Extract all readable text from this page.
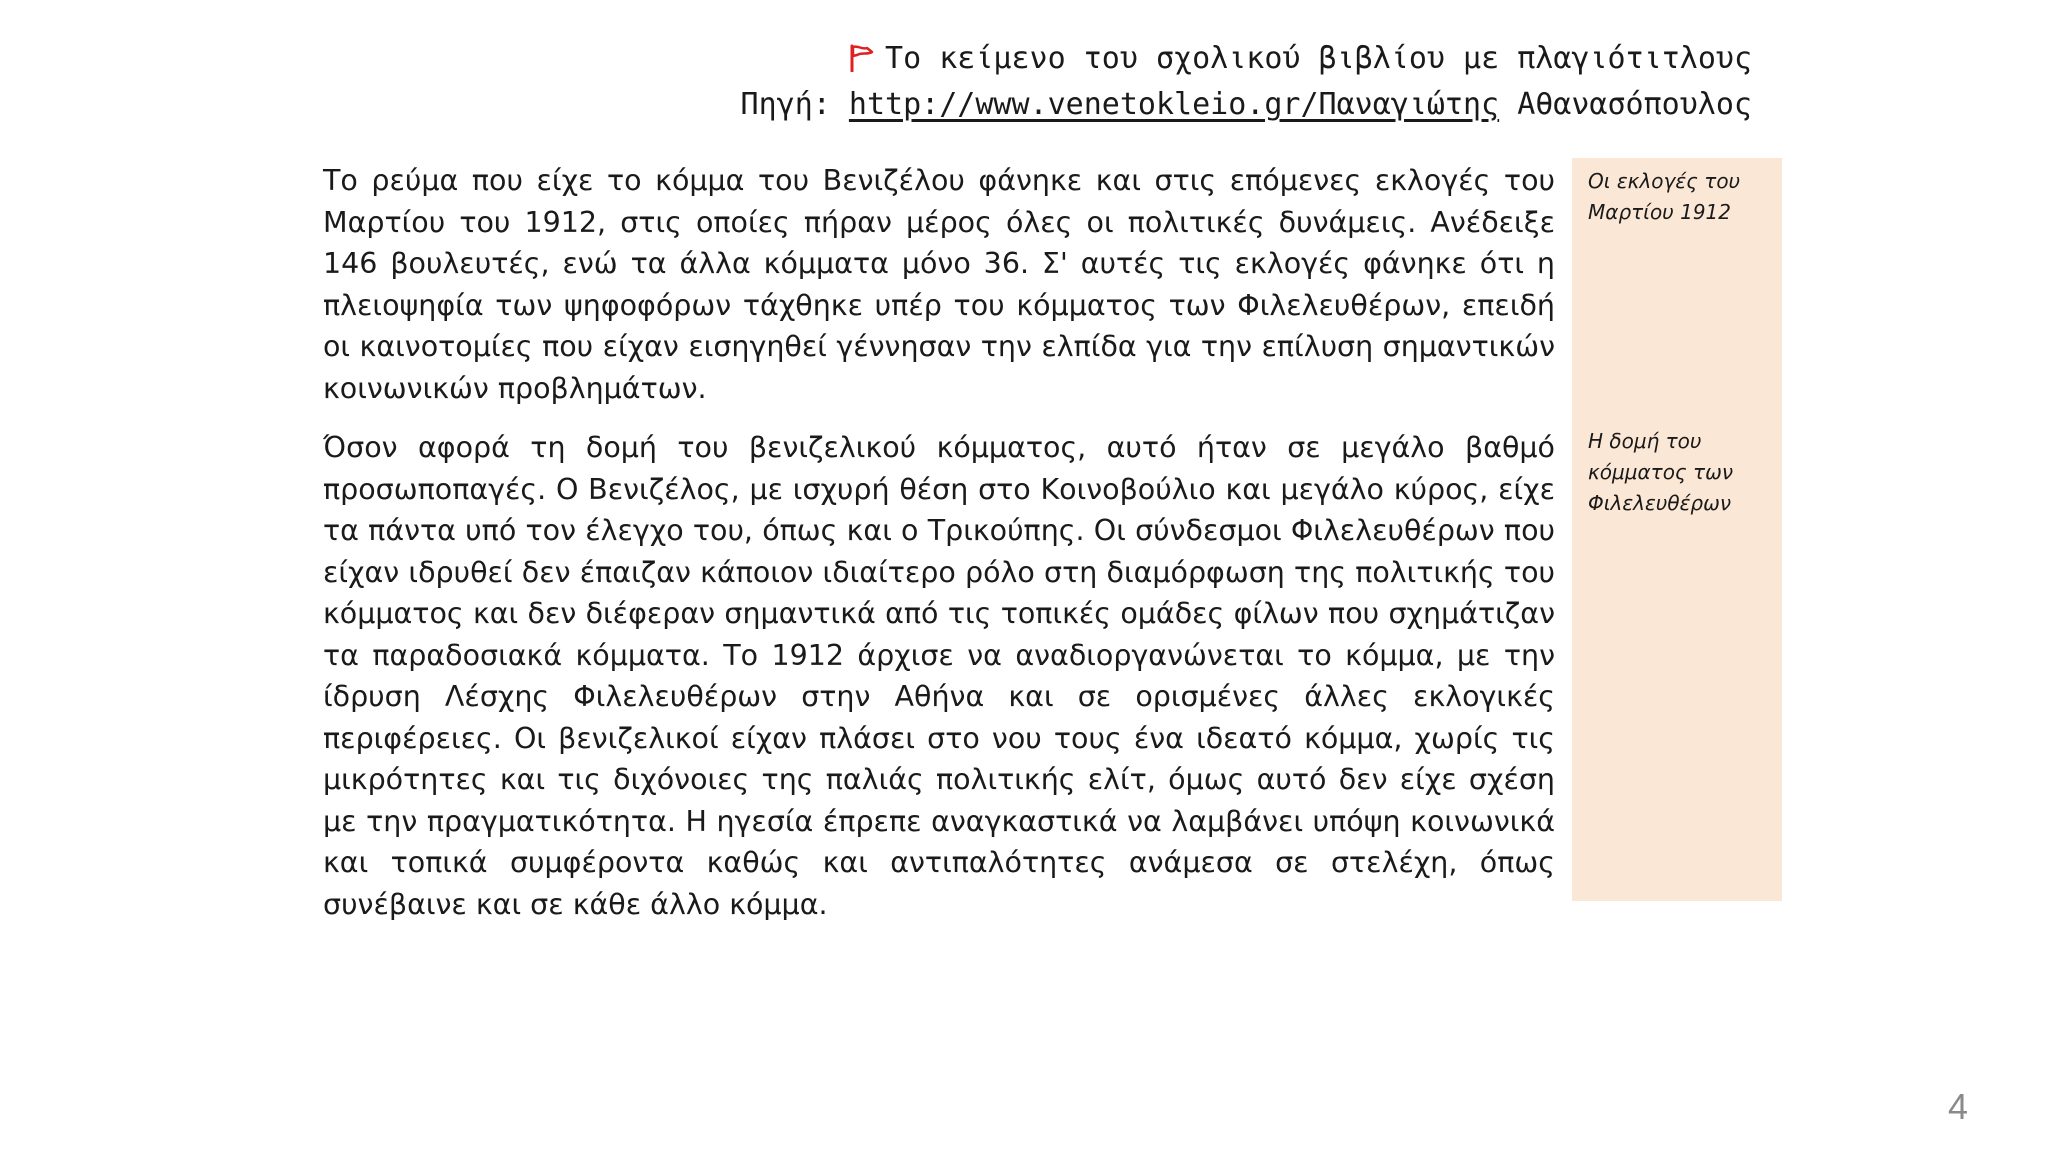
Το κείμενο του σχολικού βιβλίου με πλαγιότιτλους
Πηγή: http://www.venetokleio.gr/Παναγιώτης Αθανασόπουλος
Οι εκλογές του Μαρτίου 1912
Η δομή του κόμματος των Φιλελευθέρων

Το ρεύμα που είχε το κόμμα του Βενιζέλου φάνηκε και στις επόμενες εκλογές του Μαρτίου του 1912, στις οποίες πήραν μέρος όλες οι πολιτικές δυνάμεις. Ανέδειξε 146 βουλευτές, ενώ τα άλλα κόμματα μόνο 36. Σ' αυτές τις εκλογές φάνηκε ότι η πλειοψηφία των ψηφοφόρων τάχθηκε υπέρ του κόμματος των Φιλελευθέρων, επειδή οι καινοτομίες που είχαν εισηγηθεί γέννησαν την ελπίδα για την επίλυση σημαντικών κοινωνικών προβλημάτων.

Όσον αφορά τη δομή του βενιζελικού κόμματος, αυτό ήταν σε μεγάλο βαθμό προσωποπαγές. Ο Βενιζέλος, με ισχυρή θέση στο Κοινοβούλιο και μεγάλο κύρος, είχε τα πάντα υπό τον έλεγχο του, όπως και ο Τρικούπης. Οι σύνδεσμοι Φιλελευθέρων που είχαν ιδρυθεί δεν έπαιζαν κάποιον ιδιαίτερο ρόλο στη διαμόρφωση της πολιτικής του κόμματος και δεν διέφεραν σημαντικά από τις τοπικές ομάδες φίλων που σχημάτιζαν τα παραδοσιακά κόμματα. Το 1912 άρχισε να αναδιοργανώνεται το κόμμα, με την ίδρυση Λέσχης Φιλελευθέρων στην Αθήνα και σε ορισμένες άλλες εκλογικές περιφέρειες. Οι βενιζελικοί είχαν πλάσει στο νου τους ένα ιδεατό κόμμα, χωρίς τις μικρότητες και τις διχόνοιες της παλιάς πολιτικής ελίτ, όμως αυτό δεν είχε σχέση με την πραγματικότητα. Η ηγεσία έπρεπε αναγκαστικά να λαμβάνει υπόψη κοινωνικά και τοπικά συμφέροντα καθώς και αντιπαλότητες ανάμεσα σε στελέχη, όπως συνέβαινε και σε κάθε άλλο κόμμα.

4
